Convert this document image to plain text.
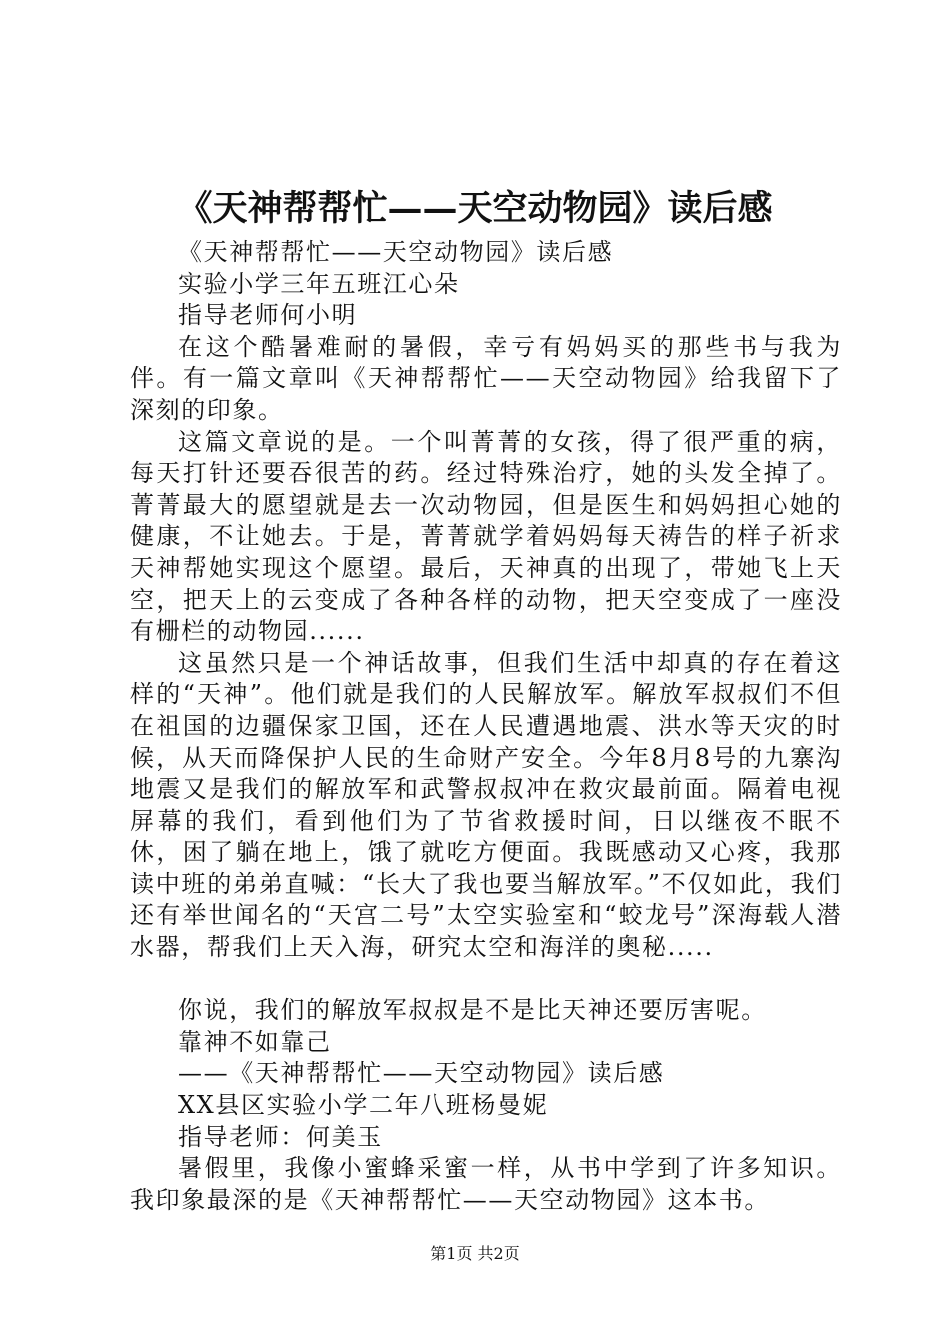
《天神帮帮忙——天空动物园》读后感

《天神帮帮忙——天空动物园》读后感

实验小学三年五班江心朵

指导老师何小明

在这个酷暑难耐的暑假，幸亏有妈妈买的那些书与我为伴。有一篇文章叫《天神帮帮忙——天空动物园》给我留下了深刻的印象。

这篇文章说的是。一个叫菁菁的女孩，得了很严重的病，每天打针还要吞很苦的药。经过特殊治疗，她的头发全掉了。菁菁最大的愿望就是去一次动物园，但是医生和妈妈担心她的健康，不让她去。于是，菁菁就学着妈妈每天祷告的样子祈求天神帮她实现这个愿望。最后，天神真的出现了，带她飞上天空，把天上的云变成了各种各样的动物，把天空变成了一座没有栅栏的动物园......

这虽然只是一个神话故事，但我们生活中却真的存在着这样的“天神”。他们就是我们的人民解放军。解放军叔叔们不但在祖国的边疆保家卫国，还在人民遭遇地震、洪水等天灾的时候，从天而降保护人民的生命财产安全。今年8月8号的九寨沟地震又是我们的解放军和武警叔叔冲在救灾最前面。隔着电视屏幕的我们，看到他们为了节省救援时间，日以继夜不眠不休，困了躺在地上，饿了就吃方便面。我既感动又心疼，我那读中班的弟弟直喊：“长大了我也要当解放军。”不仅如此，我们还有举世闻名的“天宫二号”太空实验室和“蛟龙号”深海载人潜水器，帮我们上天入海，研究太空和海洋的奥秘.....

你说，我们的解放军叔叔是不是比天神还要厉害呢。

靠神不如靠己

——《天神帮帮忙——天空动物园》读后感

XX县区实验小学二年八班杨曼妮

指导老师：何美玉

暑假里，我像小蜜蜂采蜜一样，从书中学到了许多知识。我印象最深的是《天神帮帮忙——天空动物园》这本书。

第1页 共2页
